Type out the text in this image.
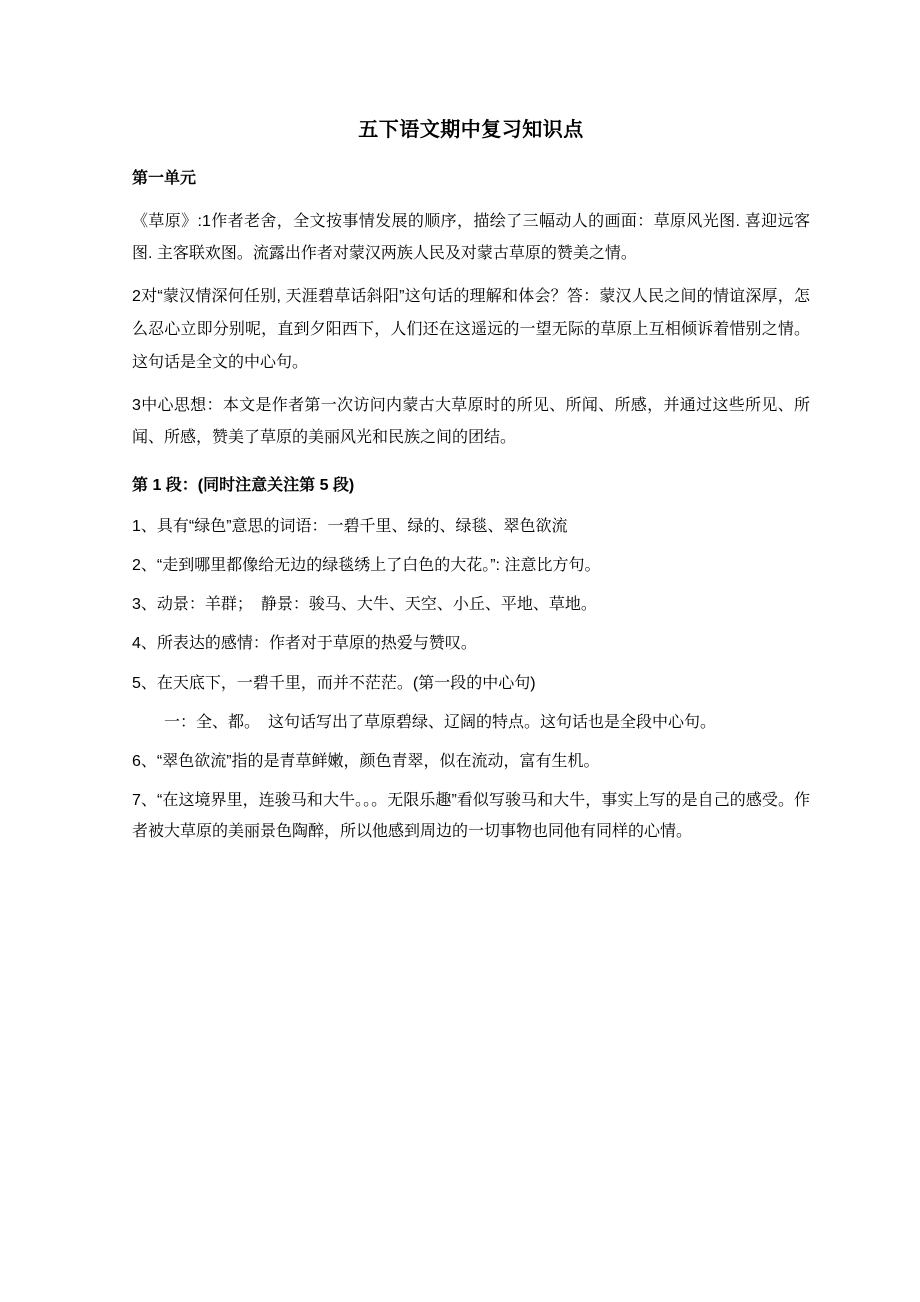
五下语文期中复习知识点
第一单元

《草原》:1作者老舍，全文按事情发展的顺序，描绘了三幅动人的画面：草原风光图. 喜迎远客图. 主客联欢图。流露出作者对蒙汉两族人民及对蒙古草原的赞美之情。

2对“蒙汉情深何任别, 天涯碧草话斜阳”这句话的理解和体会？答：蒙汉人民之间的情谊深厚，怎么忍心立即分别呢，直到夕阳西下，人们还在这遥远的一望无际的草原上互相倾诉着惜别之情。这句话是全文的中心句。

3中心思想：本文是作者第一次访问内蒙古大草原时的所见、所闻、所感，并通过这些所见、所闻、所感，赞美了草原的美丽风光和民族之间的团结。

第 1 段：(同时注意关注第 5 段)

1、具有“绿色”意思的词语：一碧千里、绿的、绿毯、翠色欲流

2、“走到哪里都像给无边的绿毯绣上了白色的大花。”: 注意比方句。

3、动景：羊群；　静景：骏马、大牛、天空、小丘、平地、草地。

4、所表达的感情：作者对于草原的热爱与赞叹。

5、在天底下，一碧千里，而并不茫茫。(第一段的中心句)

一：全、都。　这句话写出了草原碧绿、辽阔的特点。这句话也是全段中心句。

6、“翠色欲流”指的是青草鲜嫩，颜色青翠，似在流动，富有生机。

7、“在这境界里，连骏马和大牛。。。无限乐趣”看似写骏马和大牛，事实上写的是自己的感受。作者被大草原的美丽景色陶醉，所以他感到周边的一切事物也同他有同样的心情。
